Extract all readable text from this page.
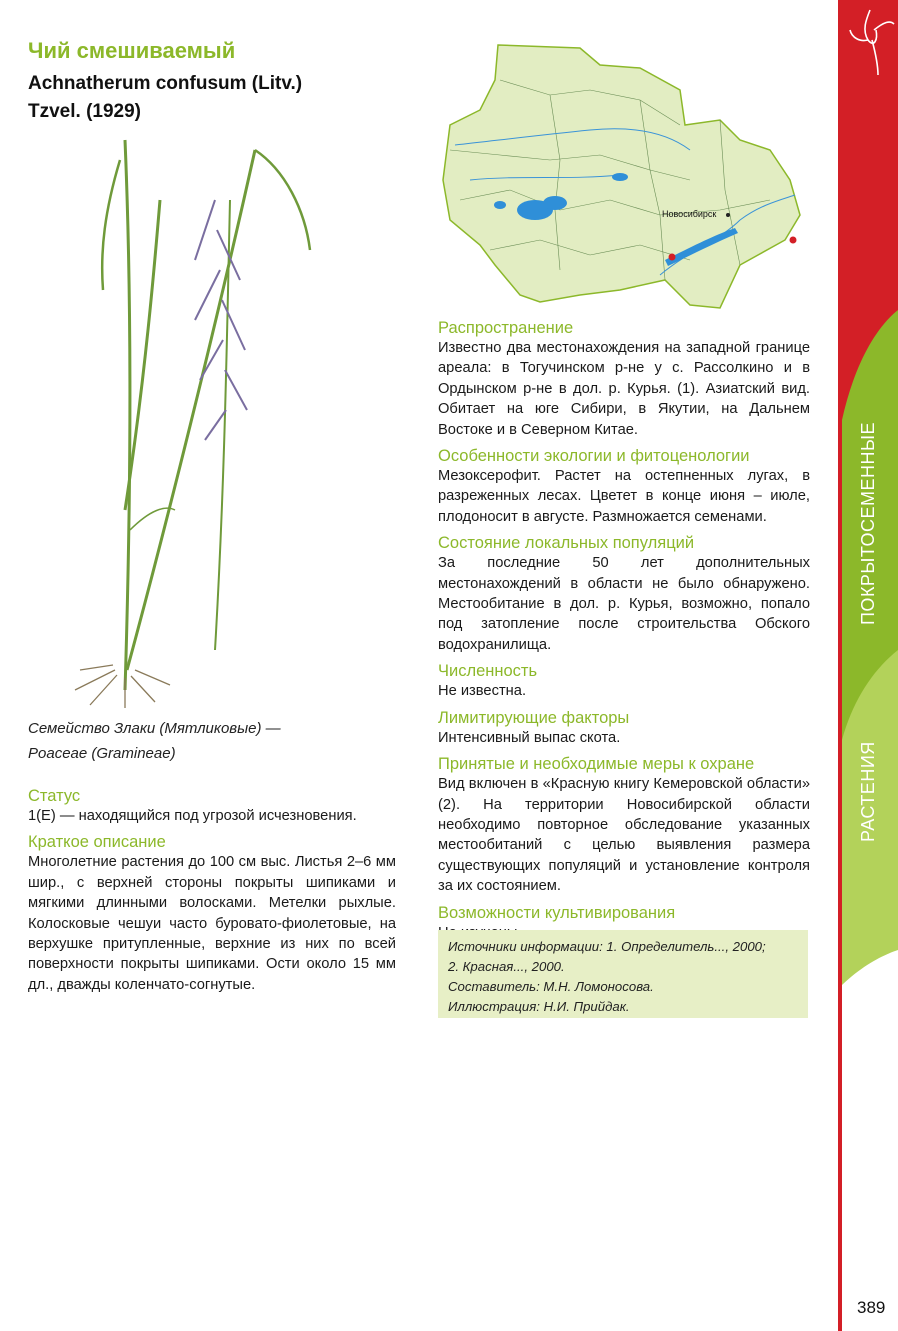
Чий смешиваемый
Achnatherum confusum (Litv.) Tzvel. (1929)
Семейство Злаки (Мятликовые) —
Poaceae (Gramineae)
Новосибирск
Статус
1(E) — находящийся под угрозой исчезновения.
Краткое описание
Многолетние растения до 100 см выс. Листья 2–6 мм шир., с верхней стороны покрыты шипиками и мягкими длинными волосками. Метелки рыхлые. Колосковые чешуи часто буровато-фиолетовые, на верхушке притупленные, верхние из них по всей поверхности покрыты шипиками. Ости около 15 мм дл., дважды коленчато-согнутые.
Распространение
Известно два местонахождения на западной границе ареала: в Тогучинском р-не у с. Рассолкино и в Ордынском р-не в дол. р. Курья. (1). Азиатский вид. Обитает на юге Сибири, в Якутии, на Дальнем Востоке и в Северном Китае.
Особенности экологии и фитоценологии
Мезоксерофит. Растет на остепненных лугах, в разреженных лесах. Цветет в конце июня – июле, плодоносит в августе. Размножается семенами.
Состояние локальных популяций
За последние 50 лет дополнительных местонахождений в области не было обнаружено. Местообитание в дол. р. Курья, возможно, попало под затопление после строительства Обского водохранилища.
Численность
Не известна.
Лимитирующие факторы
Интенсивный выпас скота.
Принятые и необходимые меры к охране
Вид включен в «Красную книгу Кемеровской области» (2). На территории Новосибирской области необходимо повторное обследование указанных местообитаний с целью выявления размера существующих популяций и установление контроля за их состоянием.
Возможности культивирования
Источники информации: 1. Определитель..., 2000;
2. Красная..., 2000.
Составитель: М.Н. Ломоносова.
Иллюстрация: Н.И. Прийдак.
ПОКРЫТОСЕМЕННЫЕ
РАСТЕНИЯ
389
